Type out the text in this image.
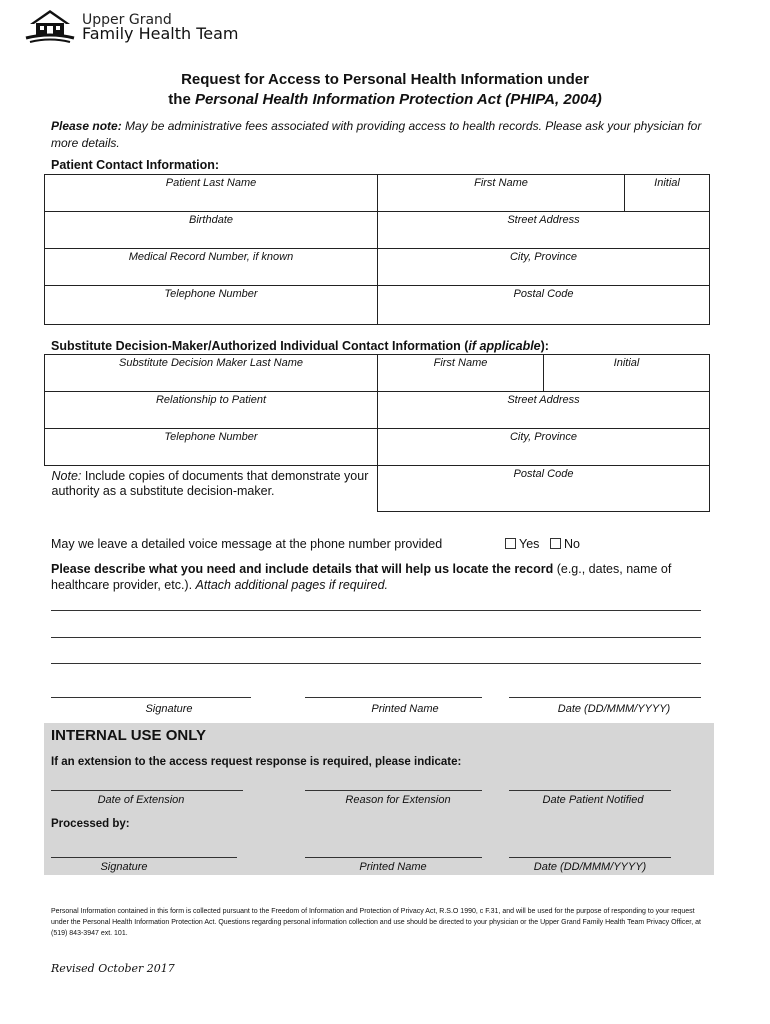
Upper Grand
Family Health Team
Request for Access to Personal Health Information under
the Personal Health Information Protection Act (PHIPA, 2004)
Please note: May be administrative fees associated with providing access to health records. Please ask your physician for more details.
Patient Contact Information:
Patient Last Name	First Name	Initial
Birthdate	Street Address	
Medical Record Number, if known	City, Province	
Telephone Number	Postal Code	
Substitute Decision-Maker/Authorized Individual Contact Information (if applicable):
Substitute Decision Maker Last Name	First Name	Initial
Relationship to Patient	Street Address	
Telephone Number	City, Province	
Note: Include copies of documents that demonstrate your authority as a substitute decision-maker.	Postal Code	
May we leave a detailed voice message at the phone number provided	Yes	No
Please describe what you need and include details that will help us locate the record (e.g., dates, name of healthcare provider, etc.). Attach additional pages if required.
Signature	Printed Name	Date (DD/MMM/YYYY)
INTERNAL USE ONLY
If an extension to the access request response is required, please indicate:
Date of Extension	Reason for Extension	Date Patient Notified
Processed by:
Signature	Printed Name	Date (DD/MMM/YYYY)
Personal Information contained in this form is collected pursuant to the Freedom of Information and Protection of Privacy Act, R.S.O 1990, c F.31, and will be used for the purpose of responding to your request under the Personal Health Information Protection Act. Questions regarding personal information collection and use should be directed to your physician or the Upper Grand Family Health Team Privacy Officer, at (519) 843-3947 ext. 101.
Revised October 2017
